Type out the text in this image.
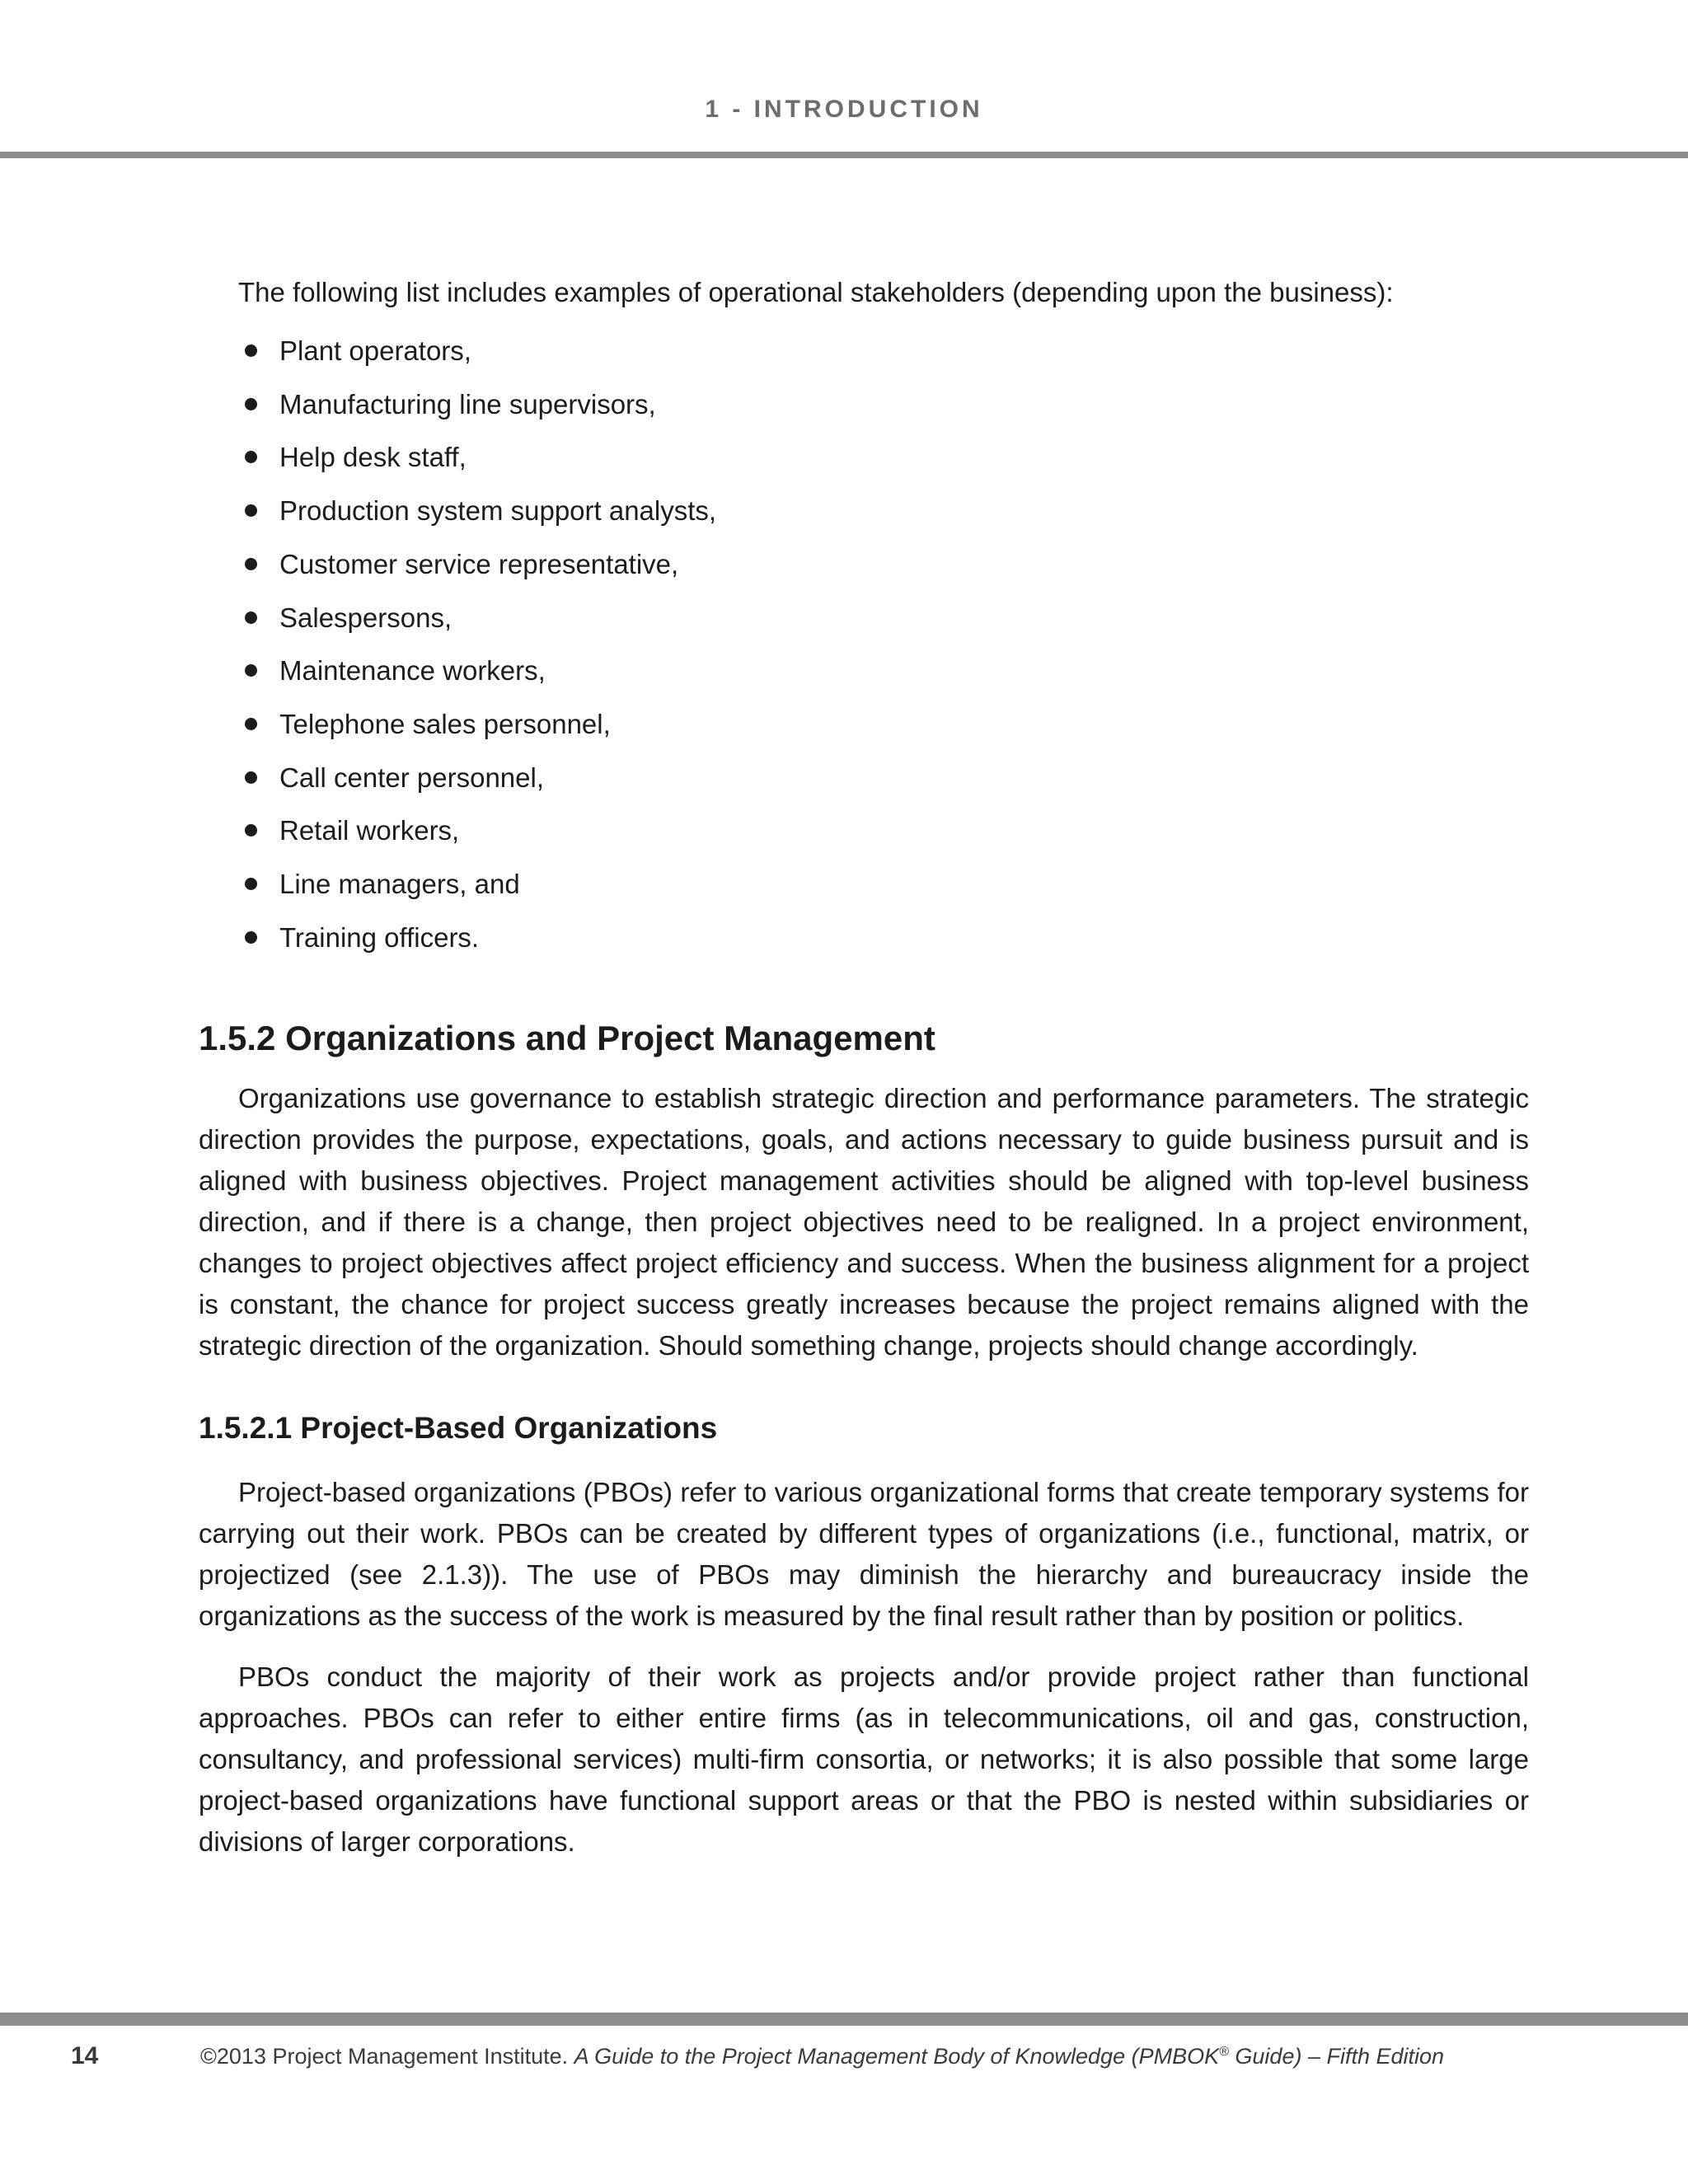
1 - INTRODUCTION

The following list includes examples of operational stakeholders (depending upon the business):

Plant operators,
Manufacturing line supervisors,
Help desk staff,
Production system support analysts,
Customer service representative,
Salespersons,
Maintenance workers,
Telephone sales personnel,
Call center personnel,
Retail workers,
Line managers, and
Training officers.
1.5.2 Organizations and Project Management

Organizations use governance to establish strategic direction and performance parameters. The strategic direction provides the purpose, expectations, goals, and actions necessary to guide business pursuit and is aligned with business objectives. Project management activities should be aligned with top-level business direction, and if there is a change, then project objectives need to be realigned. In a project environment, changes to project objectives affect project efficiency and success. When the business alignment for a project is constant, the chance for project success greatly increases because the project remains aligned with the strategic direction of the organization. Should something change, projects should change accordingly.

1.5.2.1 Project-Based Organizations

Project-based organizations (PBOs) refer to various organizational forms that create temporary systems for carrying out their work. PBOs can be created by different types of organizations (i.e., functional, matrix, or projectized (see 2.1.3)). The use of PBOs may diminish the hierarchy and bureaucracy inside the organizations as the success of the work is measured by the final result rather than by position or politics.

PBOs conduct the majority of their work as projects and/or provide project rather than functional approaches. PBOs can refer to either entire firms (as in telecommunications, oil and gas, construction, consultancy, and professional services) multi-firm consortia, or networks; it is also possible that some large project-based organizations have functional support areas or that the PBO is nested within subsidiaries or divisions of larger corporations.

14	©2013 Project Management Institute. A Guide to the Project Management Body of Knowledge (PMBOK® Guide) – Fifth Edition
